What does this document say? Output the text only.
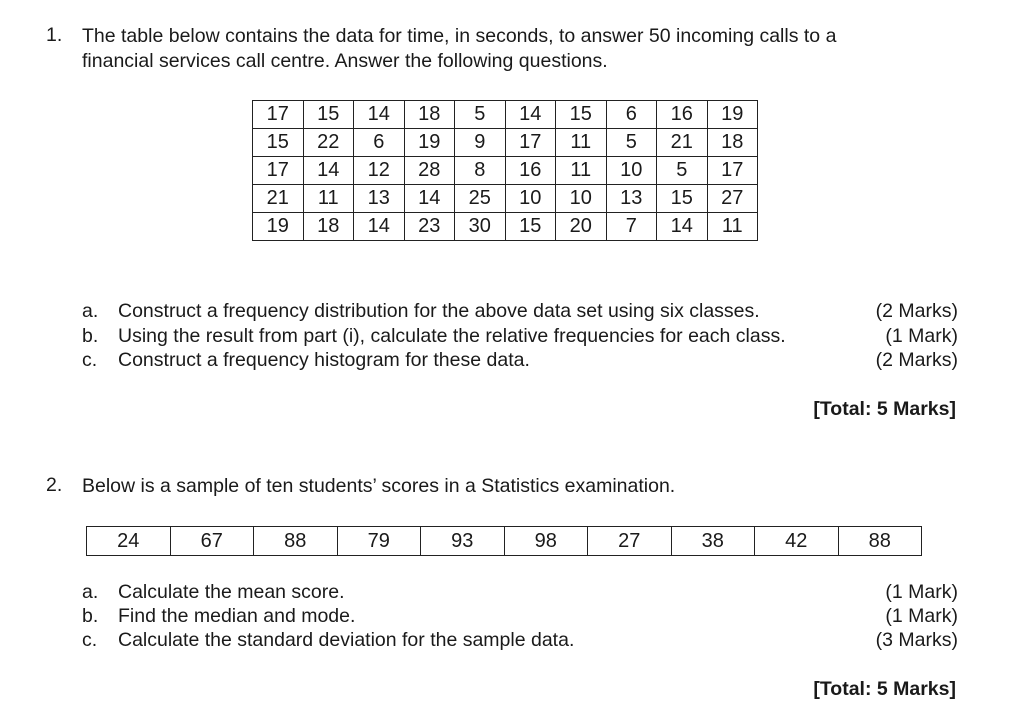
1. The table below contains the data for time, in seconds, to answer 50 incoming calls to a
financial services call centre. Answer the following questions.
17	15	14	18	5	14	15	6	16	19
15	22	6	19	9	17	11	5	21	18
17	14	12	28	8	16	11	10	5	17
21	11	13	14	25	10	10	13	15	27
19	18	14	23	30	15	20	7	14	11
a. Construct a frequency distribution for the above data set using six classes.	(2 Marks)
b. Using the result from part (i), calculate the relative frequencies for each class.	(1 Mark)
c. Construct a frequency histogram for these data.	(2 Marks)
[Total: 5 Marks]
2. Below is a sample of ten students’ scores in a Statistics examination.
24	67	88	79	93	98	27	38	42	88
a. Calculate the mean score.	(1 Mark)
b. Find the median and mode.	(1 Mark)
c. Calculate the standard deviation for the sample data.	(3 Marks)
[Total: 5 Marks]
